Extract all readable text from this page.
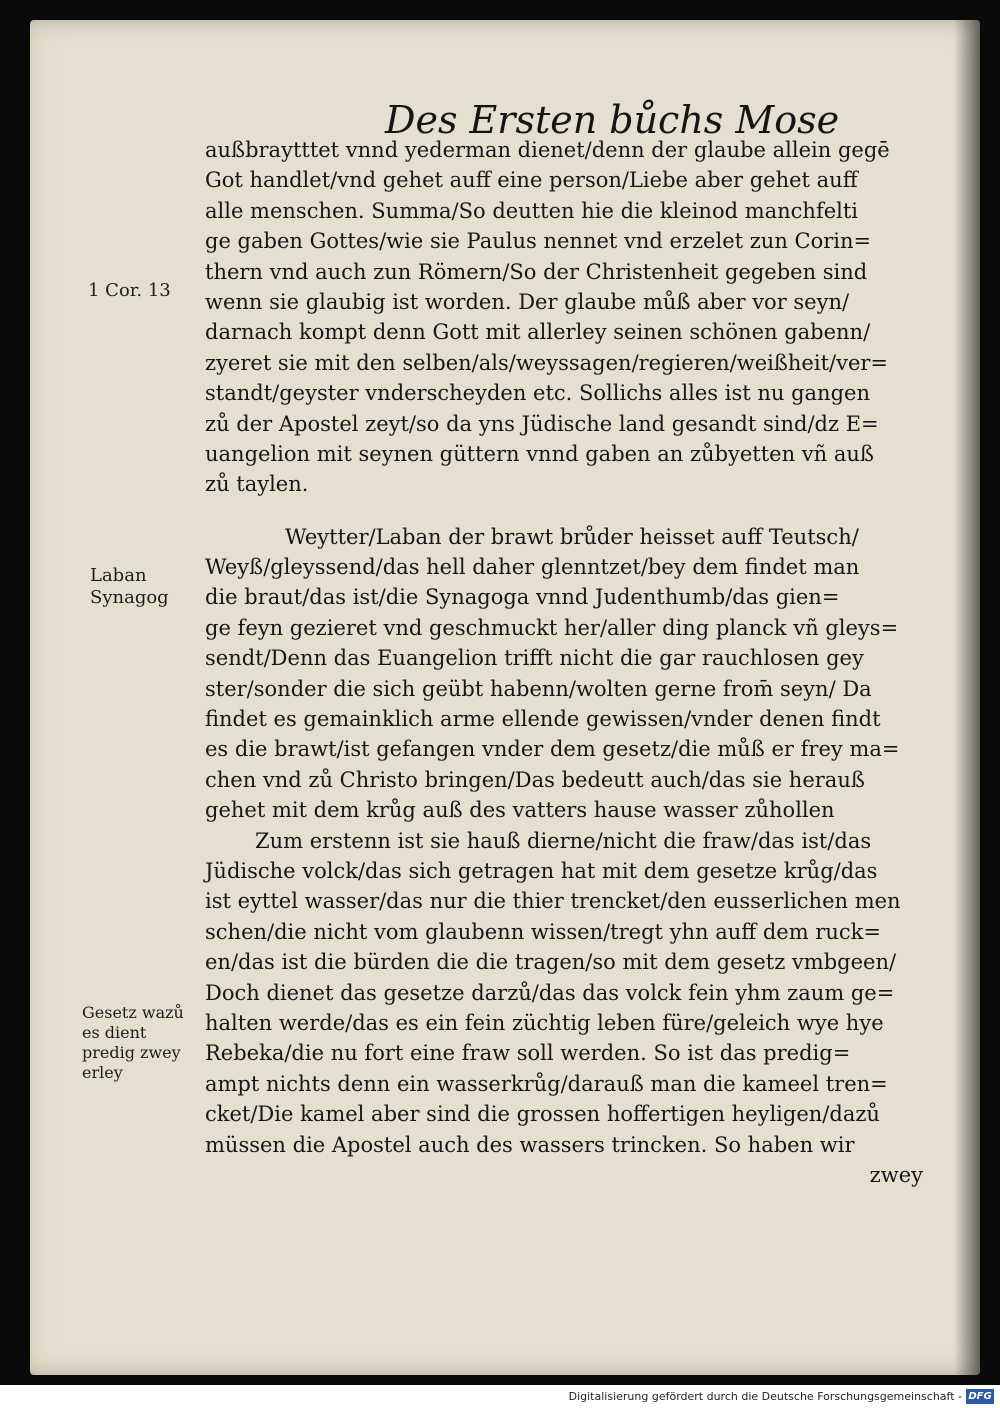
Des Ersten bůchs Mose
1 Cor. 13
Laban
Synagog
Gesetz wazů
es dient
predig zwey
erley
außbraytttet vnnd yederman dienet/denn der glaube allein gegē
Got handlet/vnd gehet auff eine person/Liebe aber gehet auff
alle menschen. Summa/So deutten hie die kleinod manchfelti
ge gaben Gottes/wie sie Paulus nennet vnd erzelet zun Corin=
thern vnd auch zun Römern/So der Christenheit gegeben sind
wenn sie glaubig ist worden. Der glaube můß aber vor seyn/
darnach kompt denn Gott mit allerley seinen schönen gabenn/
zyeret sie mit den selben/als/weyssagen/regieren/weißheit/ver=
standt/geyster vnderscheyden etc. Sollichs alles ist nu gangen
zů der Apostel zeyt/so da yns Jüdische land gesandt sind/dz E=
uangelion mit seynen güttern vnnd gaben an zůbyetten vñ auß
zů taylen.
Weytter/Laban der brawt brůder heisset auff Teutsch/
Weyß/gleyssend/das hell daher glenntzet/bey dem findet man
die braut/das ist/die Synagoga vnnd Judenthumb/das gien=
ge feyn gezieret vnd geschmuckt her/aller ding planck vñ gleys=
sendt/Denn das Euangelion trifft nicht die gar rauchlosen gey
ster/sonder die sich geübt habenn/wolten gerne from̄ seyn/ Da
findet es gemainklich arme ellende gewissen/vnder denen findt
es die brawt/ist gefangen vnder dem gesetz/die můß er frey ma=
chen vnd zů Christo bringen/Das bedeutt auch/das sie herauß
gehet mit dem krůg auß des vatters hause wasser zůhollen
Zum erstenn ist sie hauß dierne/nicht die fraw/das ist/das
Jüdische volck/das sich getragen hat mit dem gesetze krůg/das
ist eyttel wasser/das nur die thier trencket/den eusserlichen men
schen/die nicht vom glaubenn wissen/tregt yhn auff dem ruck=
en/das ist die bürden die die tragen/so mit dem gesetz vmbgeen/
Doch dienet das gesetze darzů/das das volck fein yhm zaum ge=
halten werde/das es ein fein züchtig leben füre/geleich wye hye
Rebeka/die nu fort eine fraw soll werden. So ist das predig=
ampt nichts denn ein wasserkrůg/darauß man die kameel tren=
cket/Die kamel aber sind die grossen hoffertigen heyligen/dazů
müssen die Apostel auch des wassers trincken. So haben wir
zwey
Digitalisierung gefördert durch die Deutsche Forschungsgemeinschaft - DFG
